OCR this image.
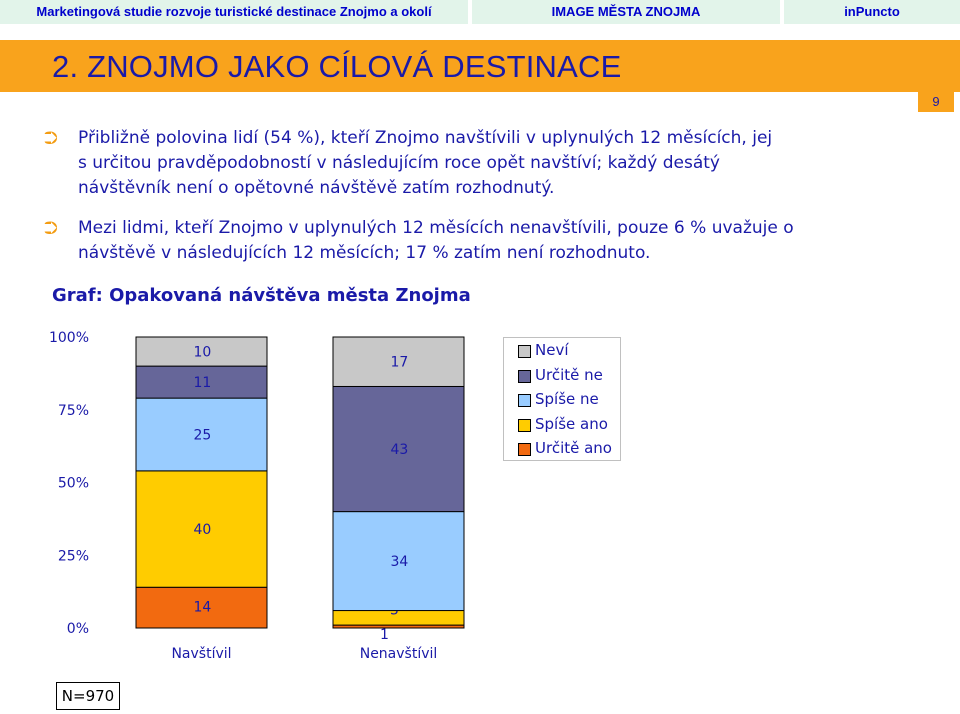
Marketingová studie rozvoje turistické destinace Znojmo a okolí	IMAGE MĚSTA ZNOJMA	inPuncto
2. ZNOJMO JAKO CÍLOVÁ DESTINACE
9
⮊	Přibližně polovina lidí (54 %), kteří Znojmo navštívili v uplynulých 12 měsících, jej
s určitou pravděpodobností v následujícím roce opět navštíví; každý desátý
návštěvník není o opětovné návštěvě zatím rozhodnutý.
⮊	Mezi lidmi, kteří Znojmo v uplynulých 12 měsících nenavštívili, pouze 6 % uvažuje o
návštěvě v následujících 12 měsících; 17 % zatím není rozhodnuto.
Graf: Opakovaná návštěva města Znojma
0%
25%
50%
75%
100%
14
40
25
11
10
Navštívil
1
34
43
17
Nenavštívil
Neví
Určitě ne
Spíše ne
Spíše ano
Určitě ano
N=970
